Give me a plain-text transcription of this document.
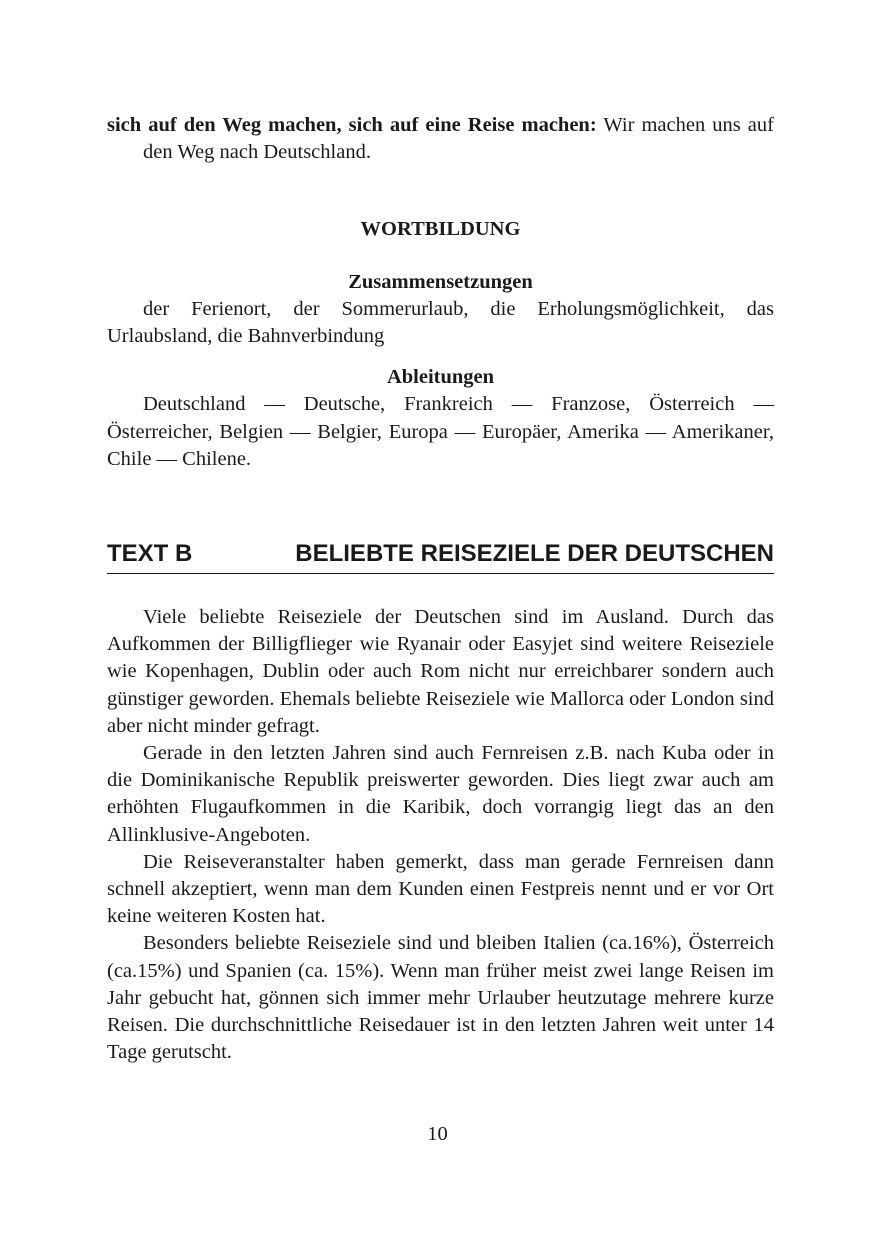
sich auf den Weg machen, sich auf eine Reise machen: Wir machen uns auf den Weg nach Deutschland.

WORTBILDUNG

Zusammensetzungen

der Ferienort, der Sommerurlaub, die Erholungsmöglichkeit, das Urlaubsland, die Bahnverbindung

Ableitungen

Deutschland — Deutsche, Frankreich — Franzose, Österreich — Österreicher, Belgien — Belgier, Europa — Europäer, Amerika — Amerikaner, Chile — Chilene.

TEXT B	BELIEBTE REISEZIELE DER DEUTSCHEN

Viele beliebte Reiseziele der Deutschen sind im Ausland. Durch das Aufkommen der Billigflieger wie Ryanair oder Easyjet sind weitere Reiseziele wie Kopenhagen, Dublin oder auch Rom nicht nur erreichbarer sondern auch günstiger geworden. Ehemals beliebte Reiseziele wie Mallorca oder London sind aber nicht minder gefragt.

Gerade in den letzten Jahren sind auch Fernreisen z.B. nach Kuba oder in die Dominikanische Republik preiswerter geworden. Dies liegt zwar auch am erhöhten Flugaufkommen in die Karibik, doch vorrangig liegt das an den Allinklusive-Angeboten.

Die Reiseveranstalter haben gemerkt, dass man gerade Fernreisen dann schnell akzeptiert, wenn man dem Kunden einen Festpreis nennt und er vor Ort keine weiteren Kosten hat.

Besonders beliebte Reiseziele sind und bleiben Italien (ca.16%), Österreich (ca.15%) und Spanien (ca. 15%). Wenn man früher meist zwei lange Reisen im Jahr gebucht hat, gönnen sich immer mehr Urlauber heutzutage mehrere kurze Reisen. Die durchschnittliche Reisedauer ist in den letzten Jahren weit unter 14 Tage gerutscht.

10
